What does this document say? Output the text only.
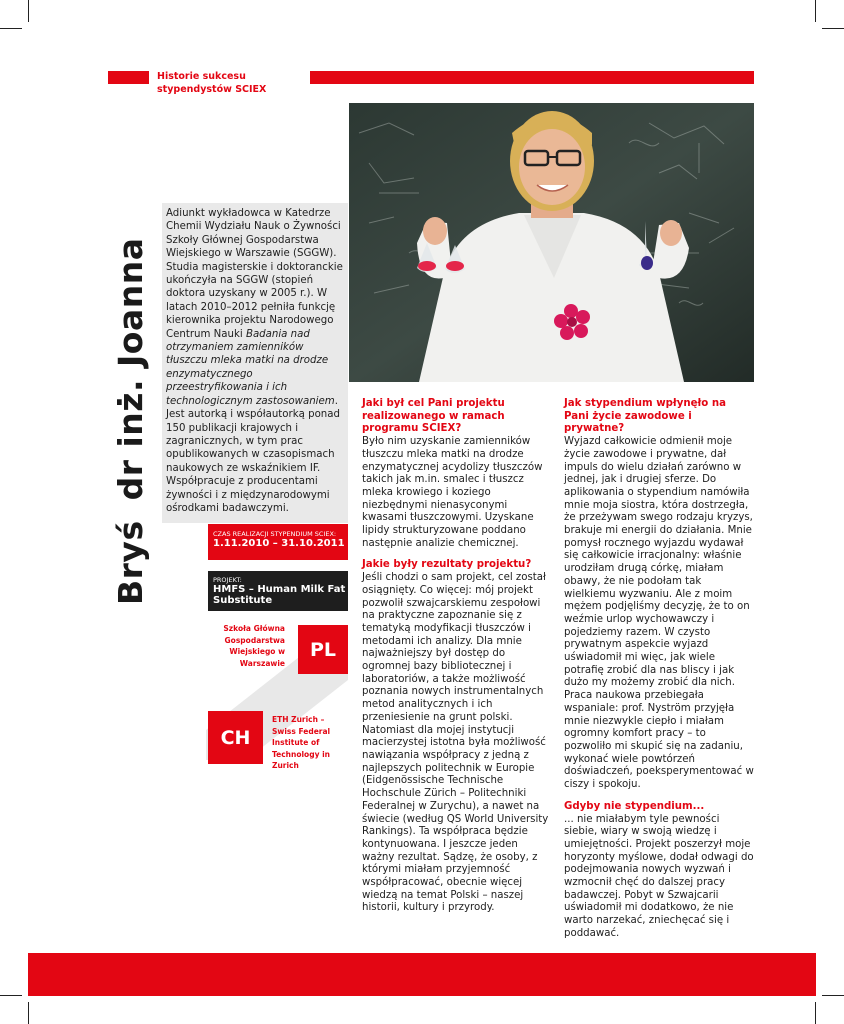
Historie sukcesu
stypendystów SCIEX
Adiunkt wykładowca w Katedrze Chemii Wydziału Nauk o Żywności Szkoły Głównej Gospodarstwa Wiejskiego w Warszawie (SGGW). Studia magisterskie i doktoranckie ukończyła na SGGW (stopień doktora uzyskany w 2005 r.). W latach 2010–2012 pełniła funkcję kierownika projektu Narodowego Centrum Nauki Badania nad otrzymaniem zamienników tłuszczu mleka matki na drodze enzymatycznego przeestryfikowania i ich technologicznym zastosowaniem. Jest autorką i współautorką ponad 150 publikacji krajowych i zagranicznych, w tym prac opublikowanych w czasopismach naukowych ze wskaźnikiem IF. Współpracuje z producentami żywności i z międzynarodowymi ośrodkami badawczymi.
Bryś
dr inż. Joanna
CZAS REALIZACJI STYPENDIUM SCIEX:
1.11.2010 – 31.10.2011
PROJEKT:
HMFS – Human Milk Fat Substitute
Szkoła Główna Gospodarstwa Wiejskiego w Warszawie
PL
CH
ETH Zurich – Swiss Federal Institute of Technology in Zurich

Jaki był cel Pani projektu realizowanego w ramach programu SCIEX?

Było nim uzyskanie zamienników tłuszczu mleka matki na drodze enzymatycznej acydolizy tłuszczów takich jak m.in. smalec i tłuszcz mleka krowiego i koziego niezbędnymi nienasyconymi kwasami tłuszczowymi. Uzyskane lipidy strukturyzowane poddano następnie analizie chemicznej.

Jakie były rezultaty projektu?

Jeśli chodzi o sam projekt, cel został osiągnięty. Co więcej: mój projekt pozwolił szwajcarskiemu zespołowi na praktyczne zapoznanie się z tematyką modyfikacji tłuszczów i metodami ich analizy. Dla mnie najważniejszy był dostęp do ogromnej bazy bibliotecznej i laboratoriów, a także możliwość poznania nowych instrumentalnych metod analitycznych i ich przeniesienie na grunt polski. Natomiast dla mojej instytucji macierzystej istotna była możliwość nawiązania współpracy z jedną z najlepszych politechnik w Europie (Eidgenössische Technische Hochschule Zürich – Politechniki Federalnej w Zurychu), a nawet na świecie (według QS World University Rankings). Ta współpraca będzie kontynuowana. I jeszcze jeden ważny rezultat. Sądzę, że osoby, z którymi miałam przyjemność współpracować, obecnie więcej wiedzą na temat Polski – naszej historii, kultury i przyrody.

Jak stypendium wpłynęło na Pani życie zawodowe i prywatne?

Wyjazd całkowicie odmienił moje życie zawodowe i prywatne, dał impuls do wielu działań zarówno w jednej, jak i drugiej sferze. Do aplikowania o stypendium namówiła mnie moja siostra, która dostrzegła, że przeżywam swego rodzaju kryzys, brakuje mi energii do działania. Mnie pomysł rocznego wyjazdu wydawał się całkowicie irracjonalny: właśnie urodziłam drugą córkę, miałam obawy, że nie podołam tak wielkiemu wyzwaniu. Ale z moim mężem podjęliśmy decyzję, że to on weźmie urlop wychowawczy i pojedziemy razem. W czysto prywatnym aspekcie wyjazd uświadomił mi więc, jak wiele potrafię zrobić dla nas bliscy i jak dużo my możemy zrobić dla nich. Praca naukowa przebiegała wspaniale: prof. Nyström przyjęła mnie niezwykle ciepło i miałam ogromny komfort pracy – to pozwoliło mi skupić się na zadaniu, wykonać wiele powtórzeń doświadczeń, poeksperymentować w ciszy i spokoju.

Gdyby nie stypendium...

... nie miałabym tyle pewności siebie, wiary w swoją wiedzę i umiejętności. Projekt poszerzył moje horyzonty myślowe, dodał odwagi do podejmowania nowych wyzwań i wzmocnił chęć do dalszej pracy badawczej. Pobyt w Szwajcarii uświadomił mi dodatkowo, że nie warto narzekać, zniechęcać się i poddawać.
